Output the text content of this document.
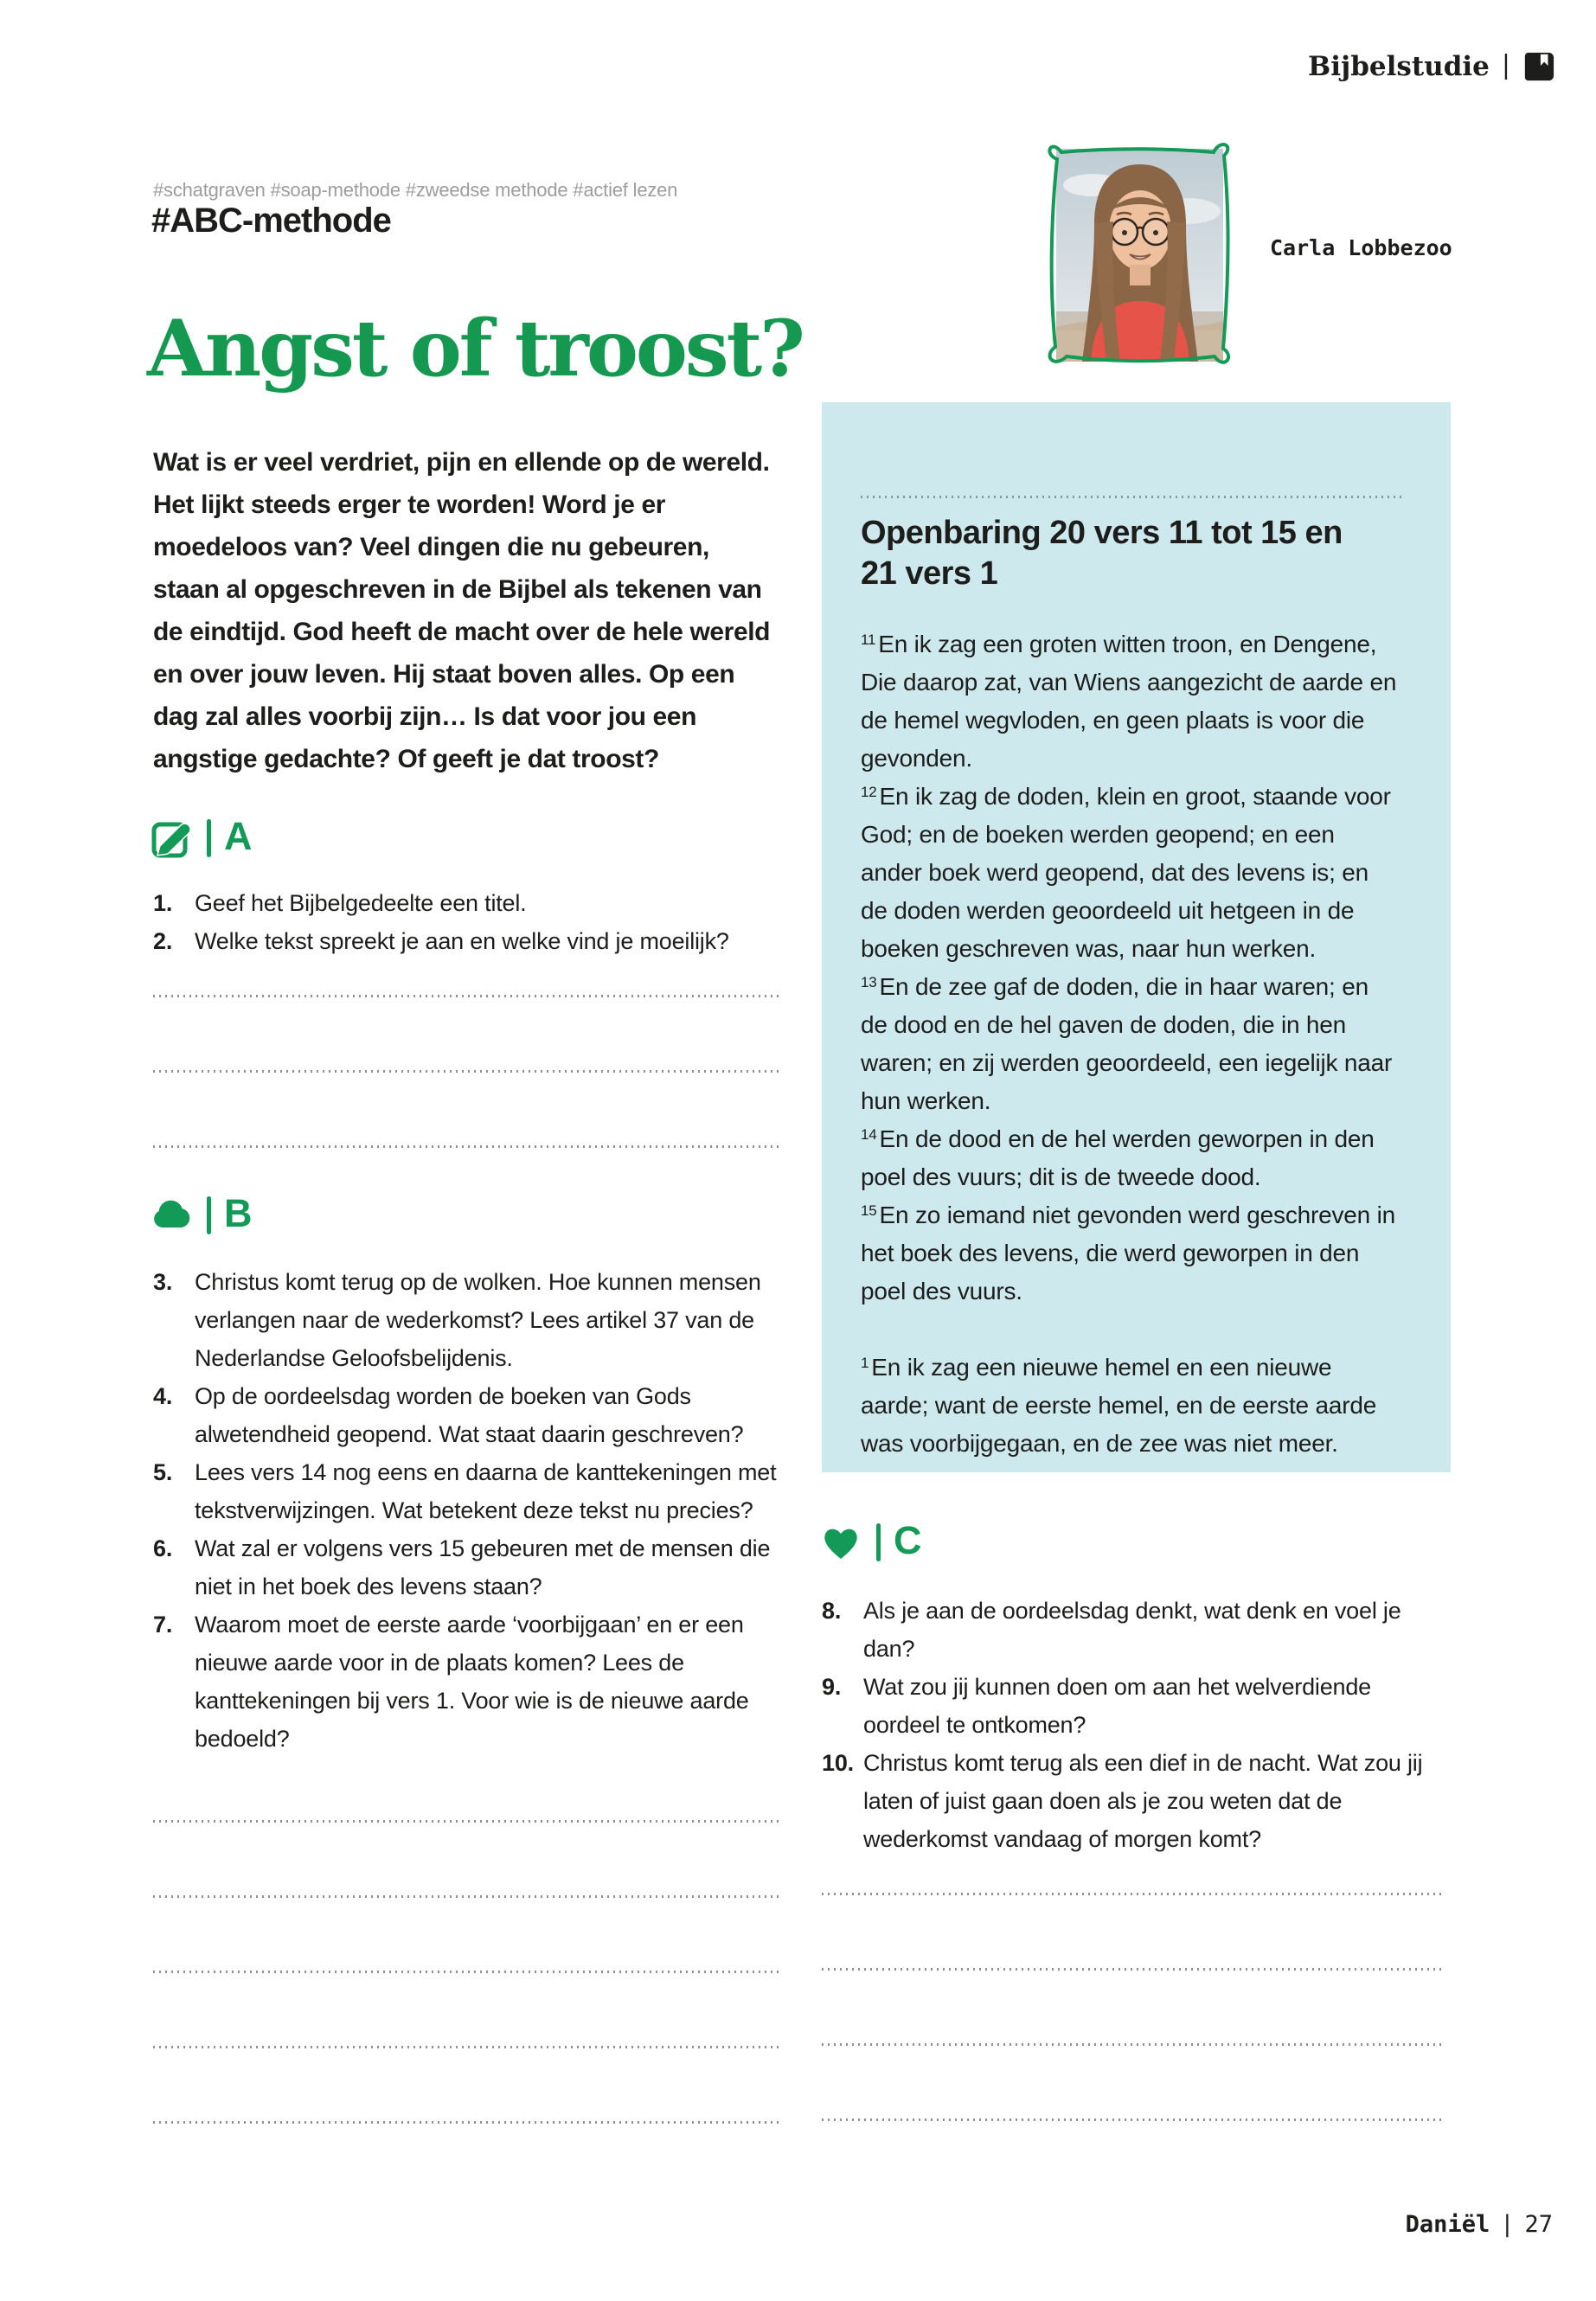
Bijbelstudie |
#schatgraven #soap-methode #zweedse methode #actief lezen
#ABC-methode
Angst of troost?
Carla Lobbezoo

Wat is er veel verdriet, pijn en ellende op de wereld. Het lijkt steeds erger te worden! Word je er moedeloos van? Veel dingen die nu gebeuren, staan al opgeschreven in de Bijbel als tekenen van de eindtijd. God heeft de macht over de hele wereld en over jouw leven. Hij staat boven alles. Op een dag zal alles voorbij zijn… Is dat voor jou een angstige gedachte? Of geeft je dat troost?

A
1. Geef het Bijbelgedeelte een titel.
2. Welke tekst spreekt je aan en welke vind je moeilijk?
B
3. Christus komt terug op de wolken. Hoe kunnen mensen verlangen naar de wederkomst? Lees artikel 37 van de Nederlandse Geloofsbelijdenis.
4. Op de oordeelsdag worden de boeken van Gods alwetendheid geopend. Wat staat daarin geschreven?
5. Lees vers 14 nog eens en daarna de kanttekeningen met tekstverwijzingen. Wat betekent deze tekst nu precies?
6. Wat zal er volgens vers 15 gebeuren met de mensen die niet in het boek des levens staan?
7. Waarom moet de eerste aarde ‘voorbijgaan’ en er een nieuwe aarde voor in de plaats komen? Lees de kanttekeningen bij vers 1. Voor wie is de nieuwe aarde bedoeld?
Openbaring 20 vers 11 tot 15 en
21 vers 1

$^{11}$ En ik zag een groten witten troon, en Dengene, Die daarop zat, van Wiens aangezicht de aarde en de hemel wegvloden, en geen plaats is voor die gevonden.

$^{12}$ En ik zag de doden, klein en groot, staande voor God; en de boeken werden geopend; en een ander boek werd geopend, dat des levens is; en de doden werden geoordeeld uit hetgeen in de boeken geschreven was, naar hun werken.

$^{13}$ En de zee gaf de doden, die in haar waren; en de dood en de hel gaven de doden, die in hen waren; en zij werden geoordeeld, een iegelijk naar hun werken.

$^{14}$ En de dood en de hel werden geworpen in den poel des vuurs; dit is de tweede dood.

$^{15}$ En zo iemand niet gevonden werd geschreven in het boek des levens, die werd geworpen in den poel des vuurs.

$^1$ En ik zag een nieuwe hemel en een nieuwe aarde; want de eerste hemel, en de eerste aarde was voorbijgegaan, en de zee was niet meer.

C
8. Als je aan de oordeelsdag denkt, wat denk en voel je dan?
9. Wat zou jij kunnen doen om aan het welverdiende oordeel te ontkomen?
10. Christus komt terug als een dief in de nacht. Wat zou jij laten of juist gaan doen als je zou weten dat de wederkomst vandaag of morgen komt?
Daniël | 27
